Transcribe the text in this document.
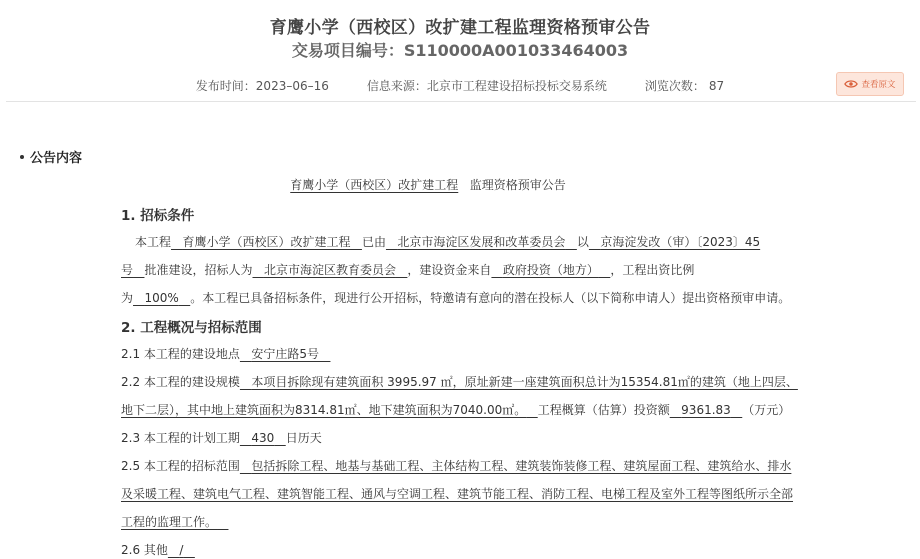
育鹰小学（西校区）改扩建工程监理资格预审公告
交易项目编号：S110000A001033464003
发布时间：2023–06–16	信息来源：北京市工程建设招标投标交易系统	浏览次数： 87	查看原文
公告内容
育鹰小学（西校区）改扩建工程 监理资格预审公告
1. 招标条件
本工程 育鹰小学（西校区）改扩建工程 已由 北京市海淀区发展和改革委员会 以 京海淀发改（审）〔2023〕45
号 批准建设，招标人为 北京市海淀区教育委员会 ，建设资金来自 政府投资（地方） ，工程出资比例
为 100% 。本工程已具备招标条件，现进行公开招标，特邀请有意向的潜在投标人（以下简称申请人）提出资格预审申请。
2. 工程概况与招标范围
2.1 本工程的建设地点 安宁庄路5号
2.2 本工程的建设规模 本项目拆除现有建筑面积 3995.97 ㎡，原址新建一座建筑面积总计为15354.81㎡的建筑（地上四层、
地下二层），其中地上建筑面积为8314.81㎡、地下建筑面积为7040.00㎡。 工程概算（估算）投资额 9361.83 （万元）
2.3 本工程的计划工期 430 日历天
2.5 本工程的招标范围 包括拆除工程、地基与基础工程、主体结构工程、建筑装饰装修工程、建筑屋面工程、建筑给水、排水
及采暖工程、建筑电气工程、建筑智能工程、通风与空调工程、建筑节能工程、消防工程、电梯工程及室外工程等图纸所示全部
工程的监理工作。
2.6 其他 /
